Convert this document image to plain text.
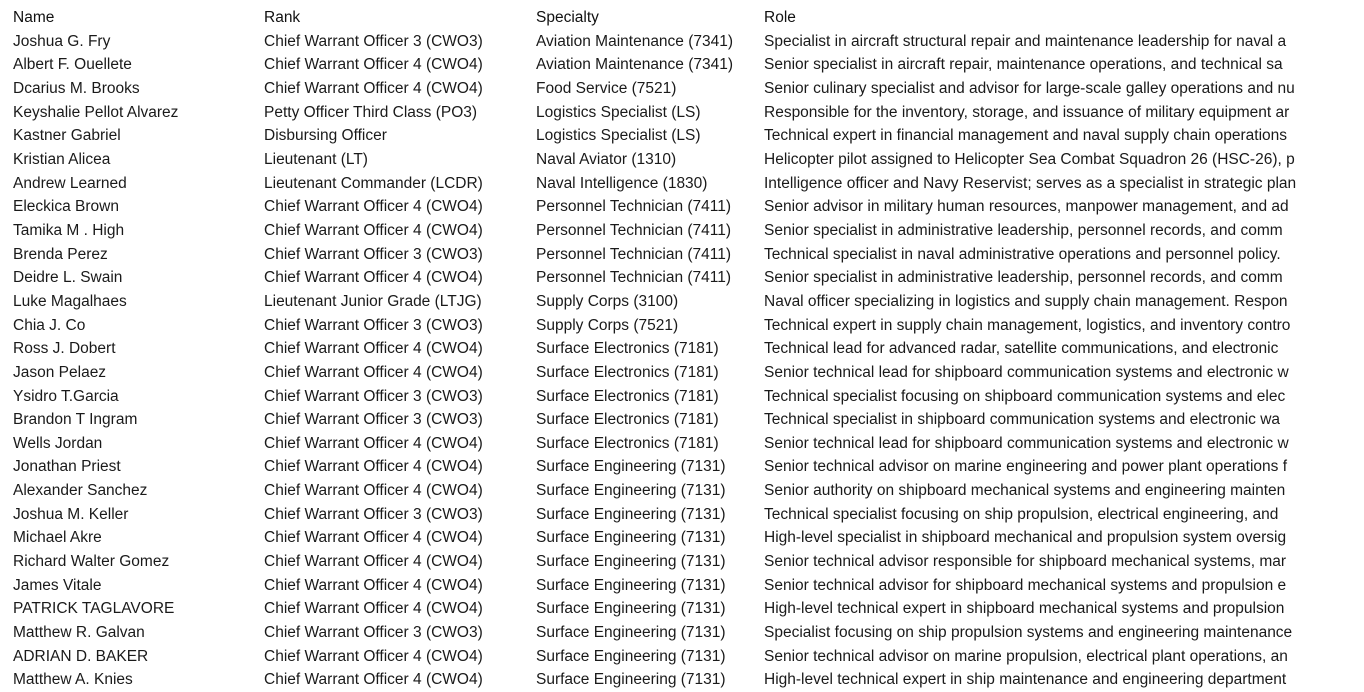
Name	Rank	Specialty	Role
Joshua G. Fry	Chief Warrant Officer 3 (CWO3)	Aviation Maintenance (7341)	Specialist in aircraft structural repair and maintenance leadership for naval a
Albert F. Ouellete	Chief Warrant Officer 4 (CWO4)	Aviation Maintenance (7341)	Senior specialist in aircraft repair, maintenance operations, and technical sa
Dcarius M. Brooks	Chief Warrant Officer 4 (CWO4)	Food Service (7521)	Senior culinary specialist and advisor for large-scale galley operations and nu
Keyshalie Pellot Alvarez	Petty Officer Third Class (PO3)	Logistics Specialist (LS)	Responsible for the inventory, storage, and issuance of military equipment ar
Kastner Gabriel	Disbursing Officer	Logistics Specialist (LS)	Technical expert in financial management and naval supply chain operations
Kristian Alicea	Lieutenant (LT)	Naval Aviator (1310)	Helicopter pilot assigned to Helicopter Sea Combat Squadron 26 (HSC-26), p
Andrew Learned	Lieutenant Commander (LCDR)	Naval Intelligence (1830)	Intelligence officer and Navy Reservist; serves as a specialist in strategic plan
Eleckica Brown	Chief Warrant Officer 4 (CWO4)	Personnel Technician (7411)	Senior advisor in military human resources, manpower management, and ad
Tamika M . High	Chief Warrant Officer 4 (CWO4)	Personnel Technician (7411)	Senior specialist in administrative leadership, personnel records, and comm
Brenda Perez	Chief Warrant Officer 3 (CWO3)	Personnel Technician (7411)	Technical specialist in naval administrative operations and personnel policy.
Deidre L. Swain	Chief Warrant Officer 4 (CWO4)	Personnel Technician (7411)	Senior specialist in administrative leadership, personnel records, and comm
Luke Magalhaes	Lieutenant Junior Grade (LTJG)	Supply Corps (3100)	Naval officer specializing in logistics and supply chain management. Respon
Chia J. Co	Chief Warrant Officer 3 (CWO3)	Supply Corps (7521)	Technical expert in supply chain management, logistics, and inventory contro
Ross J. Dobert	Chief Warrant Officer 4 (CWO4)	Surface Electronics (7181)	Technical lead for advanced radar, satellite communications, and electronic
Jason Pelaez	Chief Warrant Officer 4 (CWO4)	Surface Electronics (7181)	Senior technical lead for shipboard communication systems and electronic w
Ysidro T.Garcia	Chief Warrant Officer 3 (CWO3)	Surface Electronics (7181)	Technical specialist focusing on shipboard communication systems and elec
Brandon T Ingram	Chief Warrant Officer 3 (CWO3)	Surface Electronics (7181)	Technical specialist in shipboard communication systems and electronic wa
Wells Jordan	Chief Warrant Officer 4 (CWO4)	Surface Electronics (7181)	Senior technical lead for shipboard communication systems and electronic w
Jonathan Priest	Chief Warrant Officer 4 (CWO4)	Surface Engineering (7131)	Senior technical advisor on marine engineering and power plant operations f
Alexander Sanchez	Chief Warrant Officer 4 (CWO4)	Surface Engineering (7131)	Senior authority on shipboard mechanical systems and engineering mainten
Joshua M. Keller	Chief Warrant Officer 3 (CWO3)	Surface Engineering (7131)	Technical specialist focusing on ship propulsion, electrical engineering, and
Michael Akre	Chief Warrant Officer 4 (CWO4)	Surface Engineering (7131)	High-level specialist in shipboard mechanical and propulsion system oversig
Richard Walter Gomez	Chief Warrant Officer 4 (CWO4)	Surface Engineering (7131)	Senior technical advisor responsible for shipboard mechanical systems, mar
James Vitale	Chief Warrant Officer 4 (CWO4)	Surface Engineering (7131)	Senior technical advisor for shipboard mechanical systems and propulsion e
PATRICK TAGLAVORE	Chief Warrant Officer 4 (CWO4)	Surface Engineering (7131)	High-level technical expert in shipboard mechanical systems and propulsion
Matthew R. Galvan	Chief Warrant Officer 3 (CWO3)	Surface Engineering (7131)	Specialist focusing on ship propulsion systems and engineering maintenance
ADRIAN D. BAKER	Chief Warrant Officer 4 (CWO4)	Surface Engineering (7131)	Senior technical advisor on marine propulsion, electrical plant operations, an
Matthew A. Knies	Chief Warrant Officer 4 (CWO4)	Surface Engineering (7131)	High-level technical expert in ship maintenance and engineering department
